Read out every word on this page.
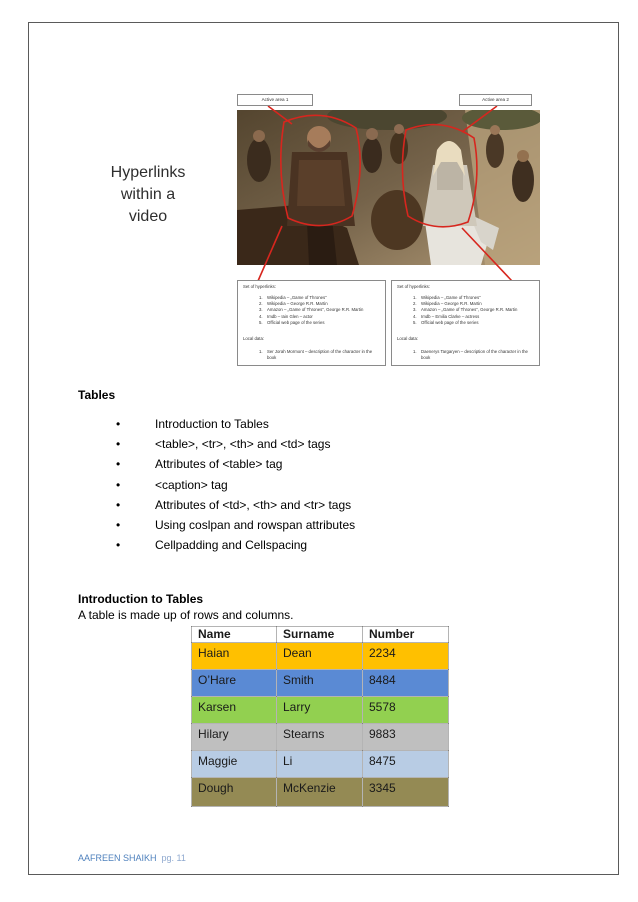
Hyperlinks
within a
video
Active area 1	Active area 2
Set of hyperlinks:
1.	Wikipedia – „Game of Thrones“
2.	Wikipedia – George R.R. Martin
3.	Amazon – „Game of Thrones“, George R.R. Martin
4.	Imdb – Iain Glen – actor
5.	Official web page of the series
Local data:
1.	Ser Jorah Mormont – description of the character in the book
Set of hyperlinks:
1.	Wikipedia – „Game of Thrones“
2.	Wikipedia – George R.R. Martin
3.	Amazon – „Game of Thrones“, George R.R. Martin
4.	Imdb – Emilia Clarke – actress
5.	Official web page of the series
Local data:
1.	Daenerys Targaryen – description of the character in the book
Tables
•	Introduction to Tables
•	<table>, <tr>, <th> and <td> tags
•	Attributes of <table> tag
•	<caption> tag
•	Attributes of <td>, <th> and <tr> tags
•	Using coslpan and rowspan attributes
•	Cellpadding and Cellspacing
Introduction to Tables
A table is made up of rows and columns.
Name	Surname	Number
Haian	Dean	2234
O’Hare	Smith	8484
Karsen	Larry	5578
Hilary	Stearns	9883
Maggie	Li	8475
Dough	McKenzie	3345
AAFREEN SHAIKH pg. 11
